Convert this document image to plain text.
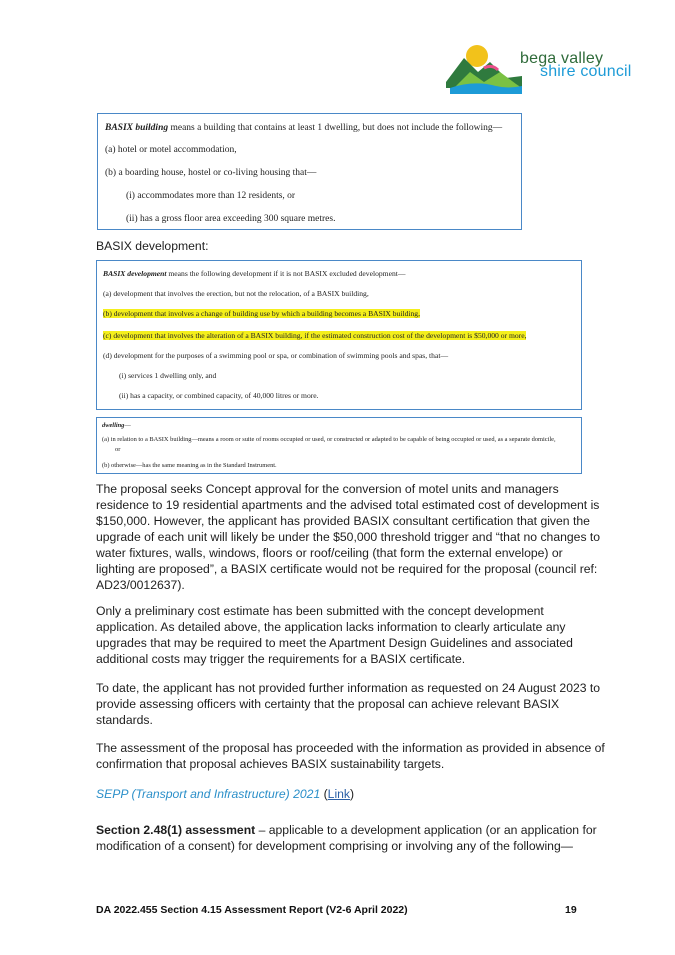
bega valley
shire council
BASIX building means a building that contains at least 1 dwelling, but does not include the following—
(a) hotel or motel accommodation,
(b) a boarding house, hostel or co-living housing that—
(i) accommodates more than 12 residents, or
(ii) has a gross floor area exceeding 300 square metres.
BASIX development:
BASIX development means the following development if it is not BASIX excluded development—
(a) development that involves the erection, but not the relocation, of a BASIX building,
(b) development that involves a change of building use by which a building becomes a BASIX building,
(c) development that involves the alteration of a BASIX building, if the estimated construction cost of the development is $50,000 or more,
(d) development for the purposes of a swimming pool or spa, or combination of swimming pools and spas, that—
(i) services 1 dwelling only, and
(ii) has a capacity, or combined capacity, of 40,000 litres or more.
dwelling—
(a) in relation to a BASIX building—means a room or suite of rooms occupied or used, or constructed or adapted to be capable of being occupied or used, as a separate domicile,
or
(b) otherwise—has the same meaning as in the Standard Instrument.
The proposal seeks Concept approval for the conversion of motel units and managers
residence to 19 residential apartments and the advised total estimated cost of development is
$150,000. However, the applicant has provided BASIX consultant certification that given the
upgrade of each unit will likely be under the $50,000 threshold trigger and “that no changes to
water fixtures, walls, windows, floors or roof/ceiling (that form the external envelope) or
lighting are proposed”, a BASIX certificate would not be required for the proposal (council ref:
AD23/0012637).
Only a preliminary cost estimate has been submitted with the concept development
application. As detailed above, the application lacks information to clearly articulate any
upgrades that may be required to meet the Apartment Design Guidelines and associated
additional costs may trigger the requirements for a BASIX certificate.
To date, the applicant has not provided further information as requested on 24 August 2023 to
provide assessing officers with certainty that the proposal can achieve relevant BASIX
standards.
The assessment of the proposal has proceeded with the information as provided in absence of
confirmation that proposal achieves BASIX sustainability targets.
SEPP (Transport and Infrastructure) 2021 (Link)
Section 2.48(1) assessment – applicable to a development application (or an application for
modification of a consent) for development comprising or involving any of the following—
DA 2022.455 Section 4.15 Assessment Report (V2-6 April 2022)	19
